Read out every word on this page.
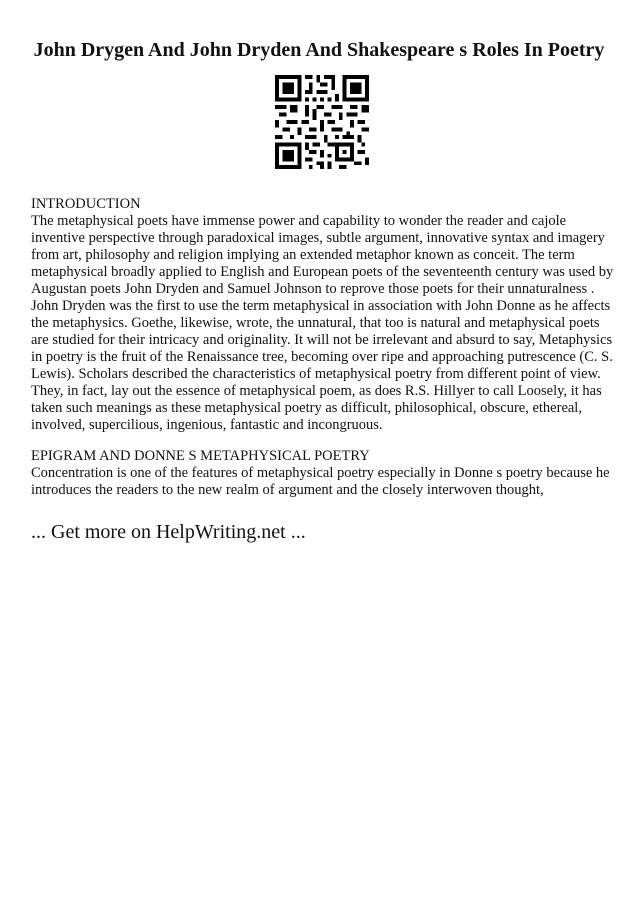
John Drygen And John Dryden And Shakespeare s Roles In Poetry

INTRODUCTION

The metaphysical poets have immense power and capability to wonder the reader and cajole inventive perspective through paradoxical images, subtle argument, innovative syntax and imagery from art, philosophy and religion implying an extended metaphor known as conceit. The term metaphysical broadly applied to English and European poets of the seventeenth century was used by Augustan poets John Dryden and Samuel Johnson to reprove those poets for their unnaturalness . John Dryden was the first to use the term metaphysical in association with John Donne as he affects the metaphysics. Goethe, likewise, wrote, the unnatural, that too is natural and metaphysical poets are studied for their intricacy and originality. It will not be irrelevant and absurd to say, Metaphysics in poetry is the fruit of the Renaissance tree, becoming over ripe and approaching putrescence (C. S. Lewis). Scholars described the characteristics of metaphysical poetry from different point of view. They, in fact, lay out the essence of metaphysical poem, as does R.S. Hillyer to call Loosely, it has taken such meanings as these metaphysical poetry as difficult, philosophical, obscure, ethereal, involved, supercilious, ingenious, fantastic and incongruous.

EPIGRAM AND DONNE S METAPHYSICAL POETRY

Concentration is one of the features of metaphysical poetry especially in Donne s poetry because he introduces the readers to the new realm of argument and the closely interwoven thought,

... Get more on HelpWriting.net ...
